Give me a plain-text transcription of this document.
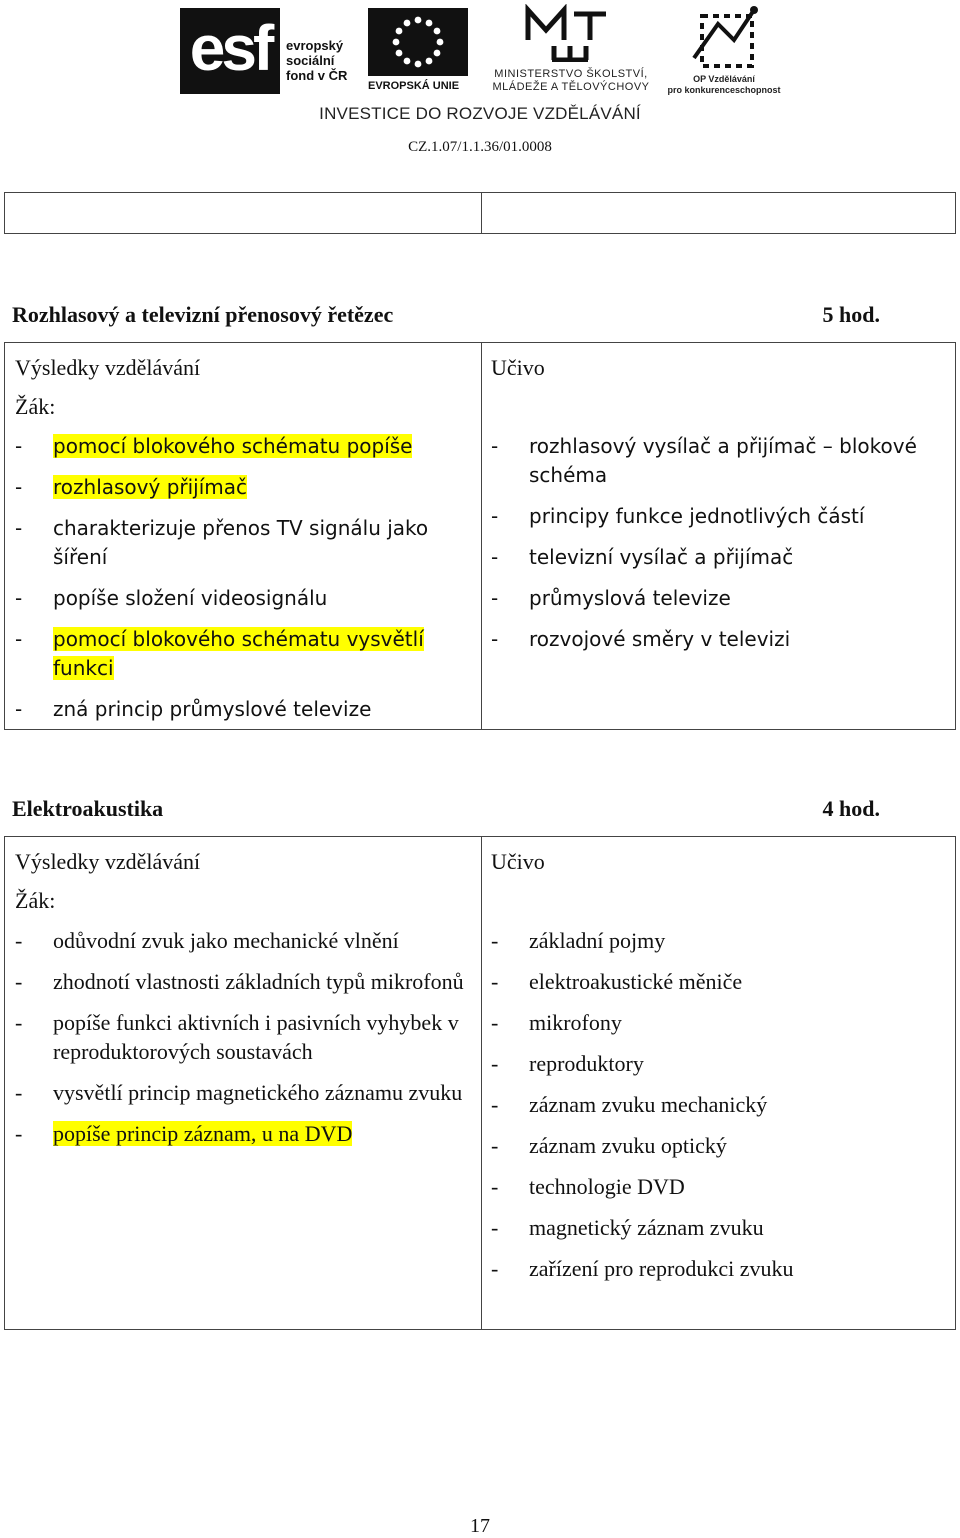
esf	evropský
sociální
fond v ČR
EVROPSKÁ UNIE
MINISTERSTVO ŠKOLSTVÍ,
MLÁDEŽE A TĚLOVÝCHOVY
OP Vzdělávání
pro konkurenceschopnost
INVESTICE DO ROZVOJE VZDĚLÁVÁNÍ
CZ.1.07/1.1.36/01.0008
Rozhlasový a televizní přenosový řetězec	5 hod.
Výsledky vzdělávání
Žák:
- pomocí blokového schématu popíše
- rozhlasový přijímač
- charakterizuje přenos TV signálu jako šíření
- popíše složení videosignálu
- pomocí blokového schématu vysvětlí funkci
- zná princip průmyslové televize
Učivo
- rozhlasový vysílač a přijímač – blokové schéma
- principy funkce jednotlivých částí
- televizní vysílač a přijímač
- průmyslová televize
- rozvojové směry v televizi
Elektroakustika	4 hod.
Výsledky vzdělávání
Žák:
- odůvodní zvuk jako mechanické vlnění
- zhodnotí vlastnosti základních typů mikrofonů
- popíše funkci aktivních i pasivních vyhybek v reproduktorových soustavách
- vysvětlí princip magnetického záznamu zvuku
- popíše princip záznam, u na DVD
Učivo
- základní pojmy
- elektroakustické měniče
- mikrofony
- reproduktory
- záznam zvuku mechanický
- záznam zvuku optický
- technologie DVD
- magnetický záznam zvuku
- zařízení pro reprodukci zvuku
17
